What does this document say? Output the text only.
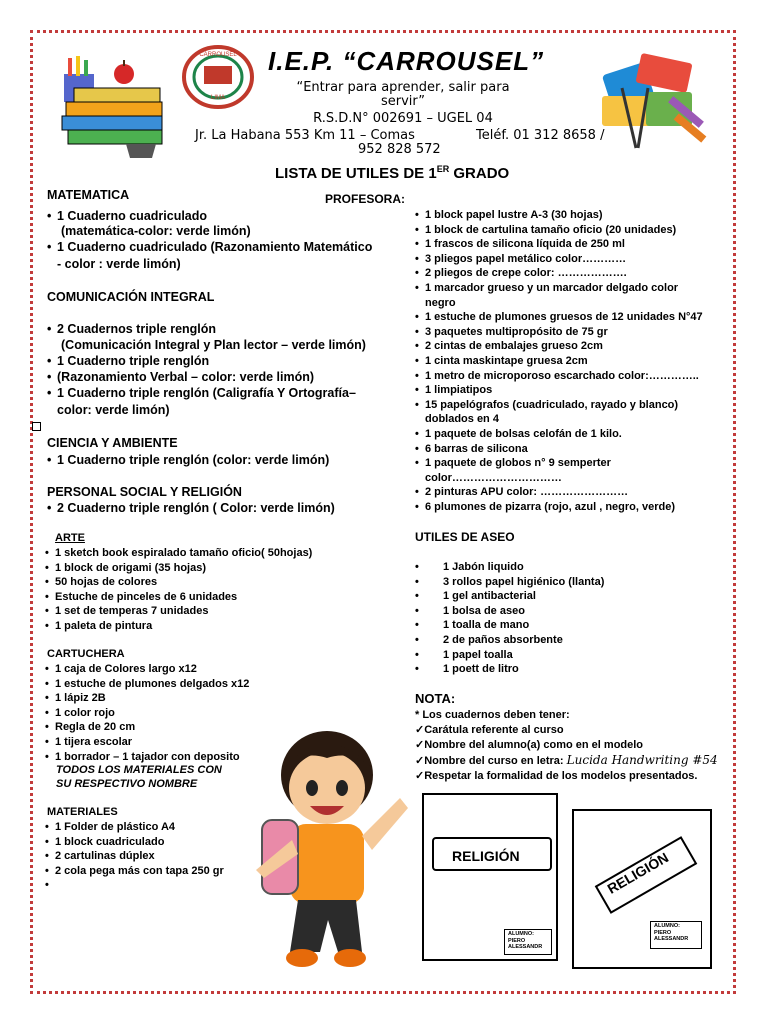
CARROUSEL
LIMA
I.E.P. “CARROUSEL”
“Entrar para aprender, salir para
servir”
R.S.D.N° 002691 – UGEL 04
Jr. La Habana 553 Km 11 – Comas	Teléf. 01 312 8658 /
952 828 572
LISTA DE UTILES DE 1ER GRADO
PROFESORA:
MATEMATICA
• 1 Cuaderno cuadriculado
(matemática-color: verde limón)
• 1 Cuaderno cuadriculado (Razonamiento Matemático
- color : verde limón)
COMUNICACIÓN INTEGRAL
• 2 Cuadernos triple renglón
(Comunicación Integral y Plan lector – verde limón)
• 1 Cuaderno triple renglón
• (Razonamiento Verbal – color: verde limón)
• 1 Cuaderno triple renglón (Caligrafía Y Ortografía–
color: verde limón)
CIENCIA Y AMBIENTE
• 1 Cuaderno triple renglón (color: verde limón)
PERSONAL SOCIAL Y RELIGIÓN
• 2 Cuaderno triple renglón ( Color: verde limón)
ARTE
• 1 sketch book espiralado tamaño oficio( 50hojas)
• 1 block de origami (35 hojas)
• 50 hojas de colores
• Estuche de pinceles de 6 unidades
• 1 set de temperas 7 unidades
• 1 paleta de pintura
CARTUCHERA
• 1 caja de Colores largo x12
• 1 estuche de plumones delgados x12
• 1 lápiz 2B
• 1 color rojo
• Regla de 20 cm
• 1 tijera escolar
• 1 borrador – 1 tajador con deposito
TODOS LOS MATERIALES CON
SU RESPECTIVO NOMBRE
MATERIALES
• 1 Folder de plástico A4
• 1 block cuadriculado
• 2 cartulinas dúplex
• 2 cola pega más con tapa 250 gr
• 1 block papel lustre A-3 (30 hojas)
• 1 block de cartulina tamaño oficio (20 unidades)
• 1 frascos de silicona líquida de 250 ml
• 3 pliegos papel metálico color…………
• 2 pliegos de crepe color: ……………….
• 1 marcador grueso y un marcador delgado color
negro
• 1 estuche de plumones gruesos de 12 unidades N°47
• 3 paquetes multipropósito de 75 gr
• 2 cintas de embalajes grueso 2cm
• 1 cinta maskintape gruesa 2cm
• 1 metro de microporoso escarchado color:…………..
• 1 limpiatipos
• 15 papelógrafos (cuadriculado, rayado y blanco)
doblados en 4
• 1 paquete de bolsas celofán de 1 kilo.
• 6 barras de silicona
• 1 paquete de globos n° 9 semperter
color…………………………
• 2 pinturas APU color: ……………………
• 6 plumones de pizarra (rojo, azul , negro, verde)
UTILES DE ASEO
• 1 Jabón liquido
• 3 rollos papel higiénico (llanta)
• 1 gel antibacterial
• 1 bolsa de aseo
• 1 toalla de mano
• 2 de paños absorbente
• 1 papel toalla
• 1 poett de litro
NOTA:
* Los cuadernos deben tener:
✓Carátula referente al curso
✓Nombre del alumno(a) como en el modelo
✓Nombre del curso en letra: Lucida Handwriting #54
✓Respetar la formalidad de los modelos presentados.
RELIGIÓN
ALUMNO:
PIERO
ALESSANDR
RELIGIÓN
ALUMNO:
PIERO
ALESSANDR
